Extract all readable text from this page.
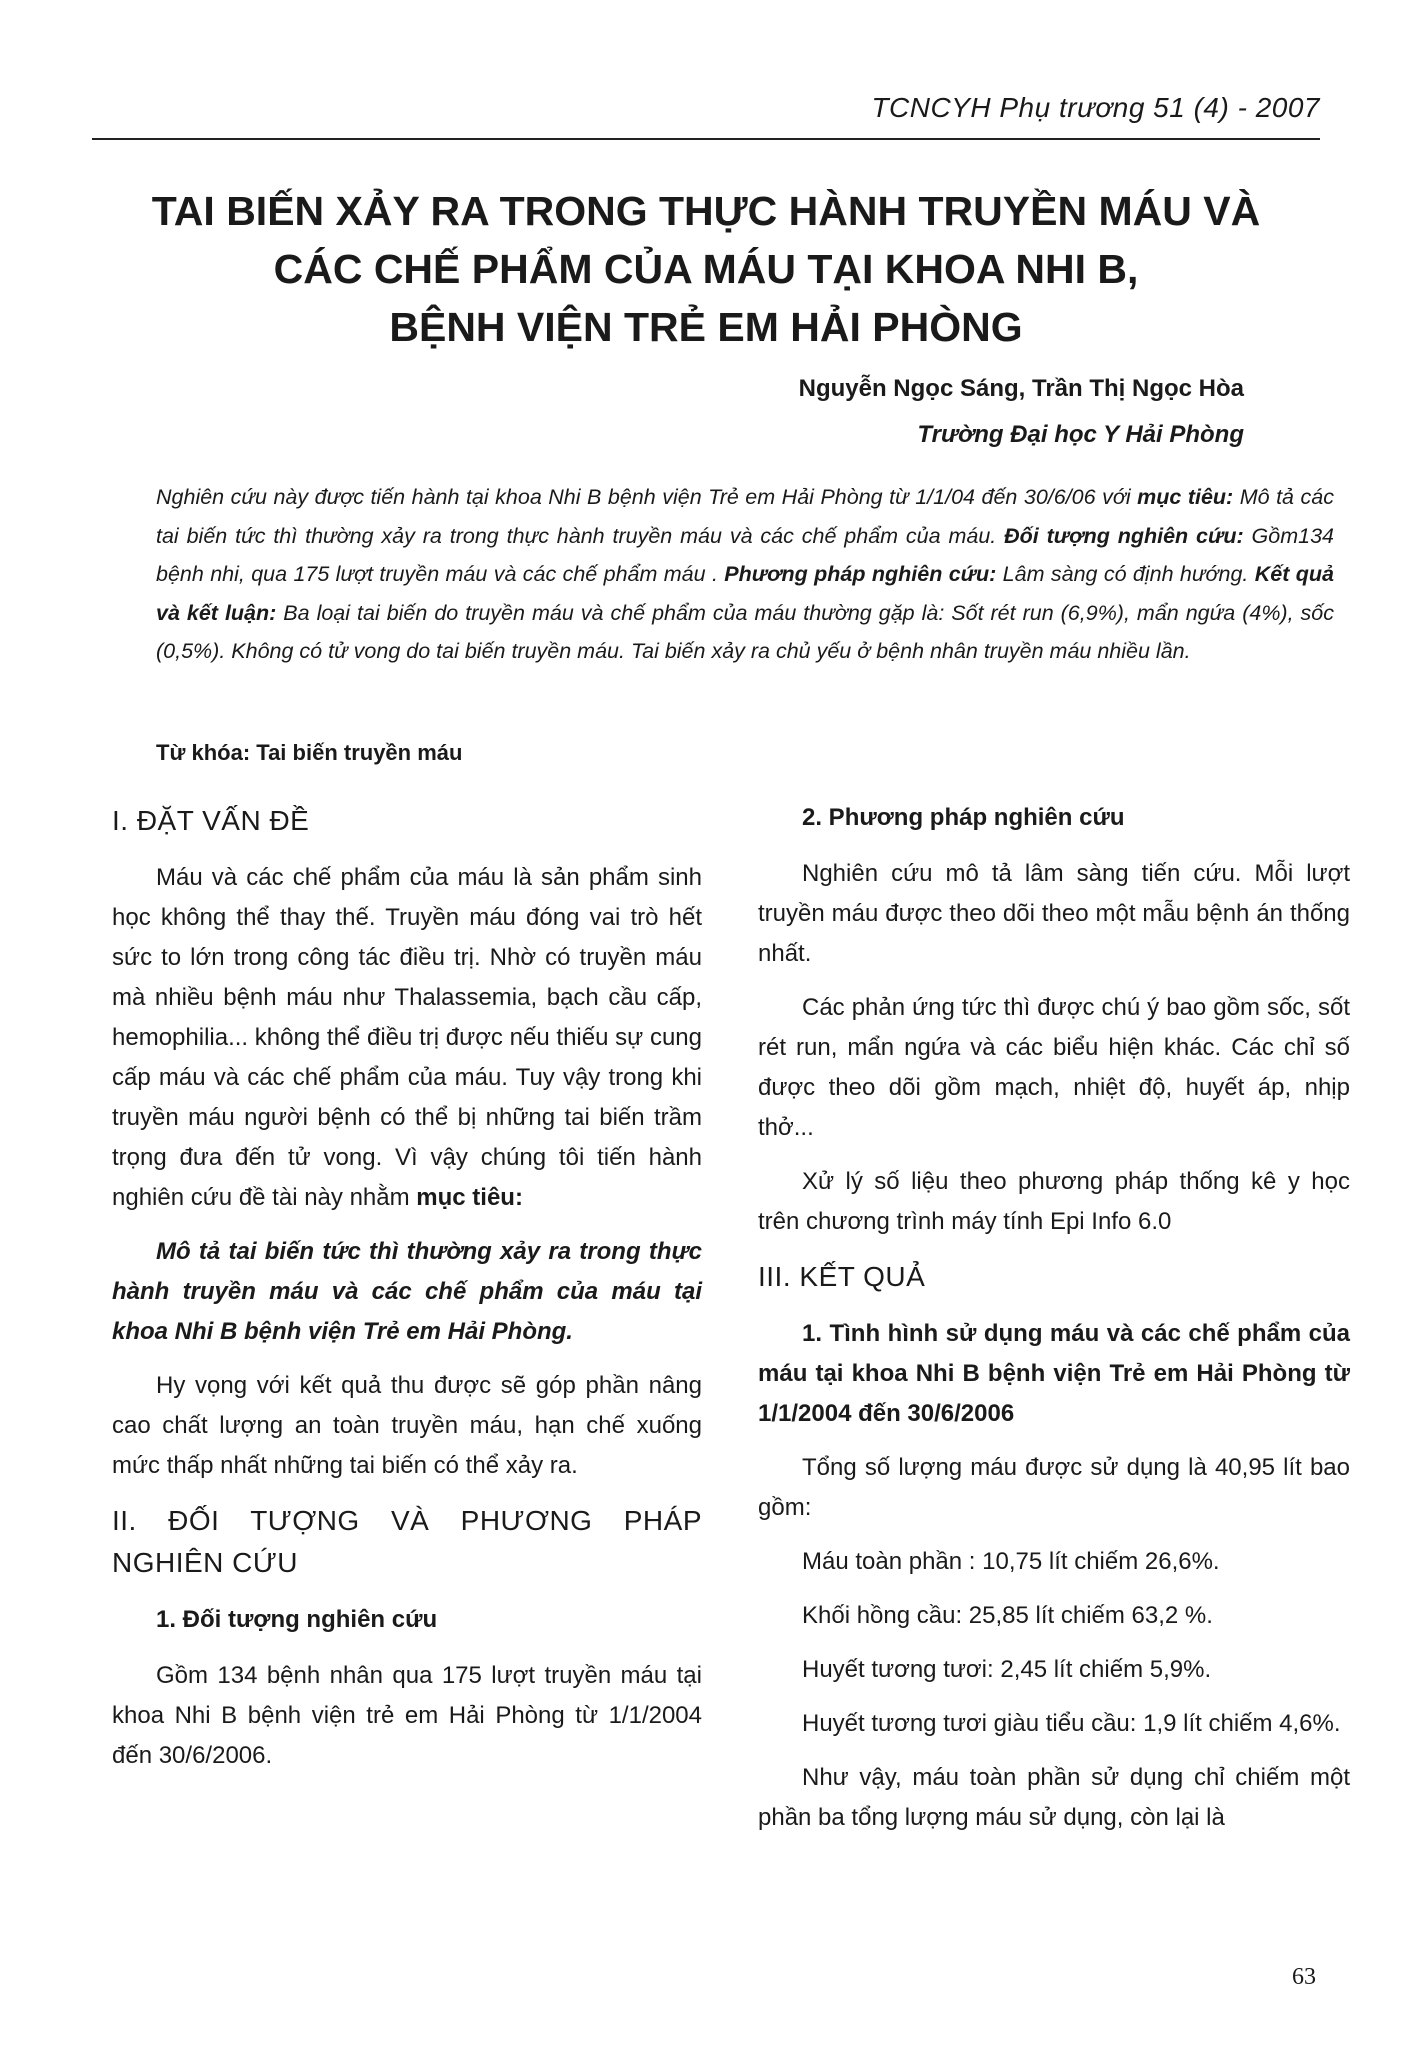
TCNCYH Phụ trương 51 (4) - 2007
TAI BIẾN XẢY RA TRONG THỰC HÀNH TRUYỀN MÁU VÀ
CÁC CHẾ PHẨM CỦA MÁU TẠI KHOA NHI B,
BỆNH VIỆN TRẺ EM HẢI PHÒNG
Nguyễn Ngọc Sáng, Trần Thị Ngọc Hòa
Trường Đại học Y Hải Phòng
Nghiên cứu này được tiến hành tại khoa Nhi B bệnh viện Trẻ em Hải Phòng từ 1/1/04 đến 30/6/06 với mục tiêu: Mô tả các tai biến tức thì thường xảy ra trong thực hành truyền máu và các chế phẩm của máu. Đối tượng nghiên cứu: Gồm134 bệnh nhi, qua 175 lượt truyền máu và các chế phẩm máu . Phương pháp nghiên cứu: Lâm sàng có định hướng. Kết quả và kết luận: Ba loại tai biến do truyền máu và chế phẩm của máu thường gặp là: Sốt rét run (6,9%), mẩn ngứa (4%), sốc (0,5%). Không có tử vong do tai biến truyền máu. Tai biến xảy ra chủ yếu ở bệnh nhân truyền máu nhiều lần.
Từ khóa: Tai biến truyền máu
I. ĐẶT VẤN ĐỀ

Máu và các chế phẩm của máu là sản phẩm sinh học không thể thay thế. Truyền máu đóng vai trò hết sức to lớn trong công tác điều trị. Nhờ có truyền máu mà nhiều bệnh máu như Thalassemia, bạch cầu cấp, hemophilia... không thể điều trị được nếu thiếu sự cung cấp máu và các chế phẩm của máu. Tuy vậy trong khi truyền máu người bệnh có thể bị những tai biến trầm trọng đưa đến tử vong. Vì vậy chúng tôi tiến hành nghiên cứu đề tài này nhằm mục tiêu:

Mô tả tai biến tức thì thường xảy ra trong thực hành truyền máu và các chế phẩm của máu tại khoa Nhi B bệnh viện Trẻ em Hải Phòng.

Hy vọng với kết quả thu được sẽ góp phần nâng cao chất lượng an toàn truyền máu, hạn chế xuống mức thấp nhất những tai biến có thể xảy ra.

II. ĐỐI TƯỢNG VÀ PHƯƠNG PHÁP NGHIÊN CỨU
1. Đối tượng nghiên cứu

Gồm 134 bệnh nhân qua 175 lượt truyền máu tại khoa Nhi B bệnh viện trẻ em Hải Phòng từ 1/1/2004 đến 30/6/2006.

2. Phương pháp nghiên cứu

Nghiên cứu mô tả lâm sàng tiến cứu. Mỗi lượt truyền máu được theo dõi theo một mẫu bệnh án thống nhất.

Các phản ứng tức thì được chú ý bao gồm sốc, sốt rét run, mẩn ngứa và các biểu hiện khác. Các chỉ số được theo dõi gồm mạch, nhiệt độ, huyết áp, nhịp thở...

Xử lý số liệu theo phương pháp thống kê y học trên chương trình máy tính Epi Info 6.0

III. KẾT QUẢ

1. Tình hình sử dụng máu và các chế phẩm của máu tại khoa Nhi B bệnh viện Trẻ em Hải Phòng từ 1/1/2004 đến 30/6/2006

Tổng số lượng máu được sử dụng là 40,95 lít bao gồm:

Máu toàn phần : 10,75 lít chiếm 26,6%.

Khối hồng cầu: 25,85 lít chiếm 63,2 %.

Huyết tương tươi: 2,45 lít chiếm 5,9%.

Huyết tương tươi giàu tiểu cầu: 1,9 lít chiếm 4,6%.

Như vậy, máu toàn phần sử dụng chỉ chiếm một phần ba tổng lượng máu sử dụng, còn lại là

63
